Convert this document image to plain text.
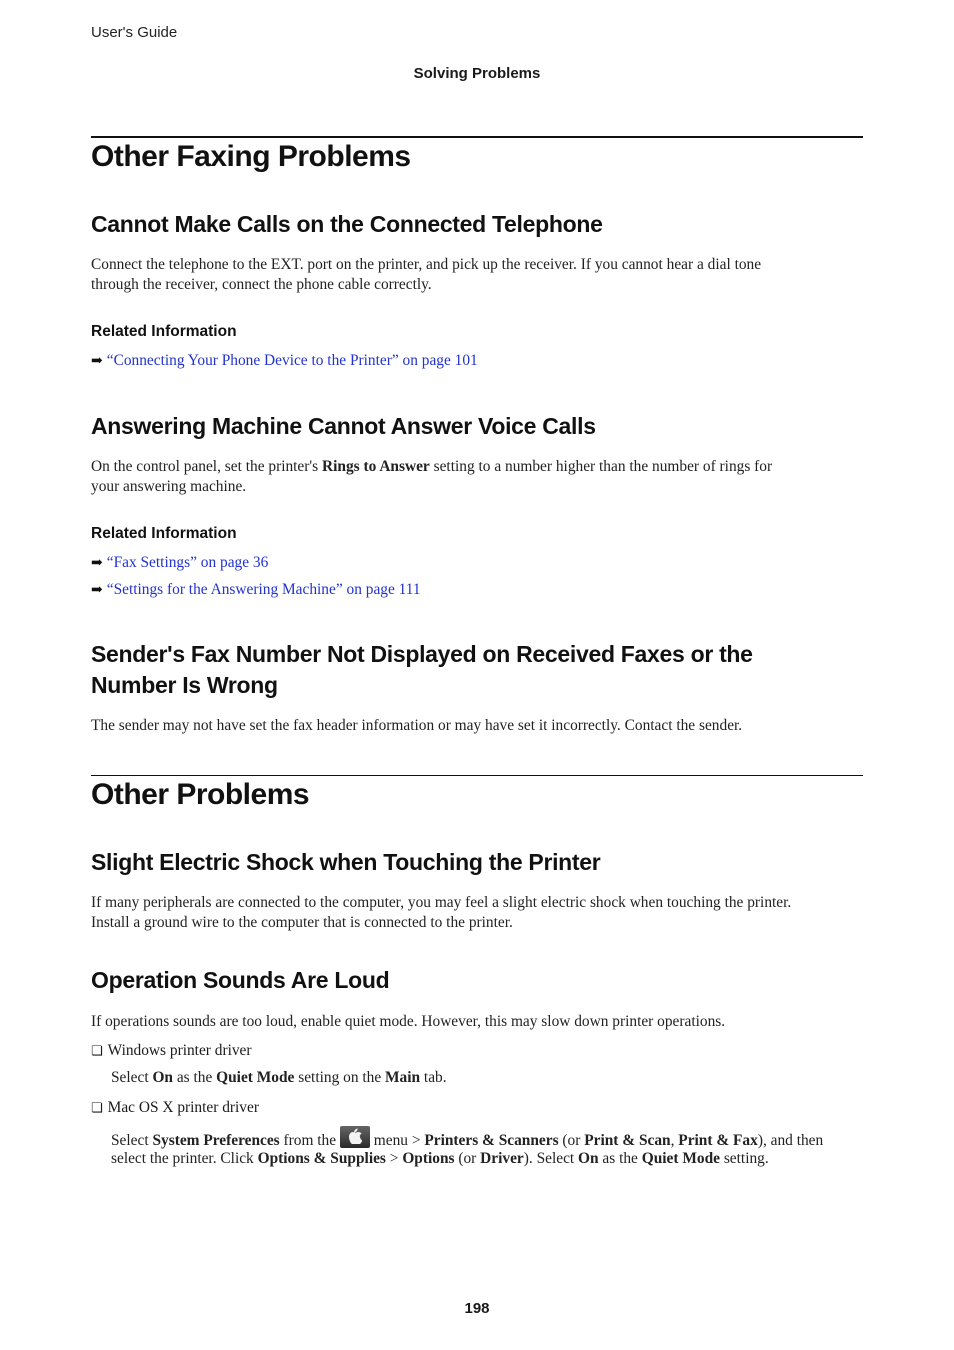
User's Guide
Solving Problems
Other Faxing Problems
Cannot Make Calls on the Connected Telephone
Connect the telephone to the EXT. port on the printer, and pick up the receiver. If you cannot hear a dial tone
through the receiver, connect the phone cable correctly.
Related Information
➡ “Connecting Your Phone Device to the Printer” on page 101
Answering Machine Cannot Answer Voice Calls
On the control panel, set the printer's Rings to Answer setting to a number higher than the number of rings for
your answering machine.
Related Information
➡ “Fax Settings” on page 36
➡ “Settings for the Answering Machine” on page 111
Sender's Fax Number Not Displayed on Received Faxes or the
Number Is Wrong
The sender may not have set the fax header information or may have set it incorrectly. Contact the sender.
Other Problems
Slight Electric Shock when Touching the Printer
If many peripherals are connected to the computer, you may feel a slight electric shock when touching the printer.
Install a ground wire to the computer that is connected to the printer.
Operation Sounds Are Loud
If operations sounds are too loud, enable quiet mode. However, this may slow down printer operations.
❏ Windows printer driver
Select On as the Quiet Mode setting on the Main tab.
❏ Mac OS X printer driver
Select System Preferences from the
menu > Printers & Scanners (or Print & Scan, Print & Fax), and then
select the printer. Click Options & Supplies > Options (or Driver). Select On as the Quiet Mode setting.
198
